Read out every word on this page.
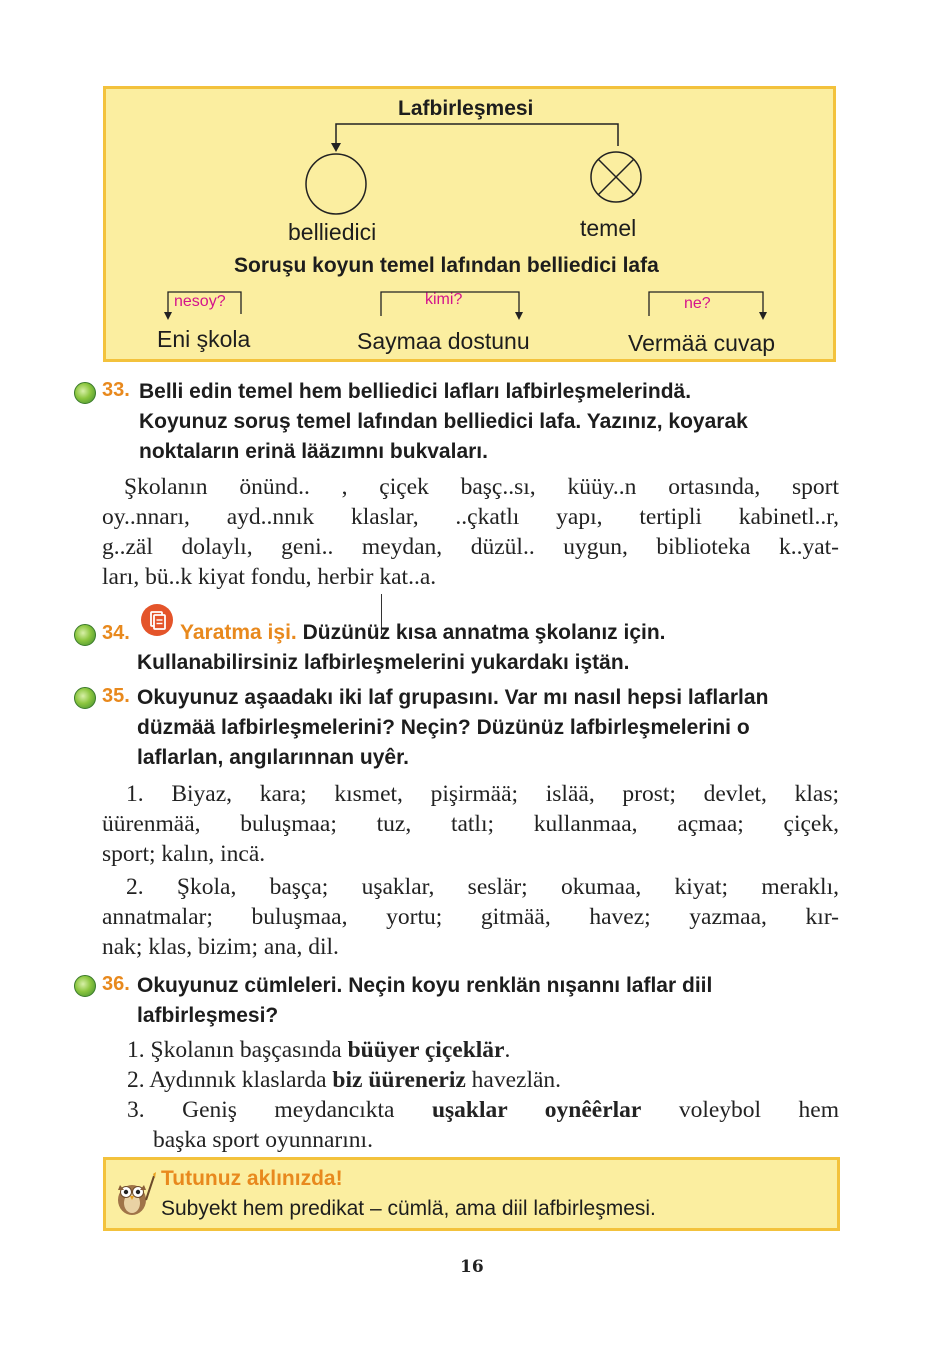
Lafbirleşmesi
belliedici	temel
Soruşu koyun temel lafından belliedici lafa
nesoy?	kimi?	ne?
Eni şkola	Saymaa dostunu	Vermää cuvap
33. Belli edin temel hem belliedici lafları lafbirleşmelerindä.
Koyunuz soruş temel lafından belliedici lafa. Yazınız, koyarak
noktaların erinä lääzımnı bukvaları.
Şkolanın önünd.. , çiçek başç..sı, küüy..n ortasında, sport
oy..nnarı, ayd..nnık klaslar, ..çkatlı yapı, tertipli kabinetl..r,
g..zäl dolaylı, geni.. meydan, düzül.. uygun, biblioteka k..yat-
ları, bü..k kiyat fondu, herbir kat..a.
34. Yaratma işi. Düzünüz kısa annatma şkolanız için.
Kullanabilirsiniz lafbirleşmelerini yukardakı iştän.
35. Okuyunuz aşaadakı iki laf grupasını. Var mı nasıl hepsi laflarlan
düzmää lafbirleşmelerini? Neçin? Düzünüz lafbirleşmelerini o
laflarlan, angılarınnan uyêr.
1. Biyaz, kara; kısmet, pişirmää; islää, prost; devlet, klas;
üürenmää, buluşmaa; tuz, tatlı; kullanmaa, açmaa; çiçek,
sport; kalın, incä.
2. Şkola, başça; uşaklar, seslär; okumaa, kiyat; meraklı,
annatmalar; buluşmaa, yortu; gitmää, havez; yazmaa, kır-
nak; klas, bizim; ana, dil.
36. Okuyunuz cümleleri. Neçin koyu renklän nışannı laflar diil
lafbirleşmesi?
1. Şkolanın başçasında büüyer çiçeklär.
2. Aydınnık klaslarda biz üüreneriz havezlän.
3. Geniş meydancıkta uşaklar oynêêrlar voleybol hem
başka sport oyunnarını.
Tutunuz aklınızda!
Subyekt hem predikat – cümlä, ama diil lafbirleşmesi.
16
